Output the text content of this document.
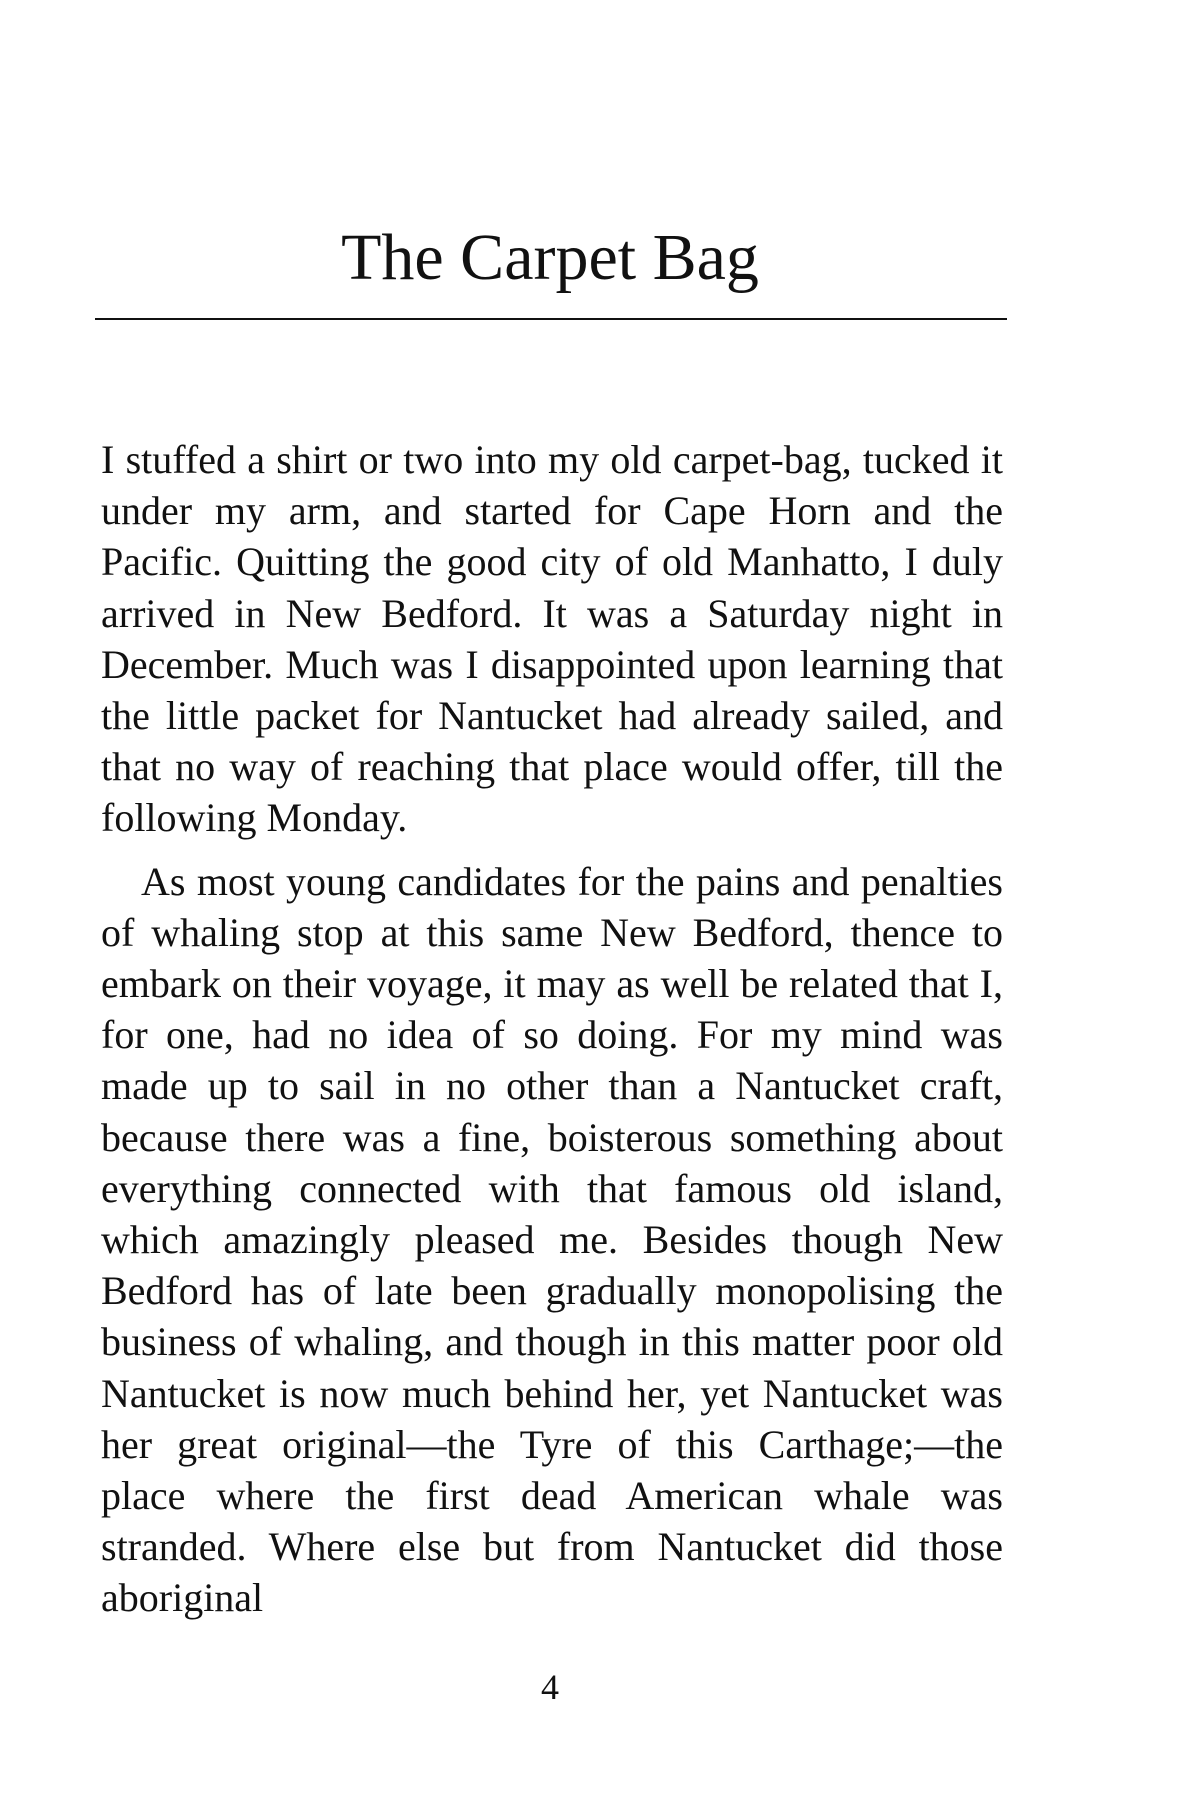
The Carpet Bag

I stuffed a shirt or two into my old carpet-bag, tucked it under my arm, and started for Cape Horn and the Pacific. Quitting the good city of old Manhatto, I duly arrived in New Bedford. It was a Saturday night in December. Much was I disappointed upon learning that the little packet for Nantucket had already sailed, and that no way of reaching that place would offer, till the following Monday.

As most young candidates for the pains and penalties of whaling stop at this same New Bedford, thence to embark on their voyage, it may as well be related that I, for one, had no idea of so doing. For my mind was made up to sail in no other than a Nantucket craft, because there was a fine, boisterous something about everything connected with that famous old island, which amazingly pleased me. Besides though New Bedford has of late been gradually monopolising the business of whaling, and though in this matter poor old Nantucket is now much behind her, yet Nantucket was her great original—the Tyre of this Carthage;—the place where the first dead American whale was stranded. Where else but from Nantucket did those aboriginal

4
